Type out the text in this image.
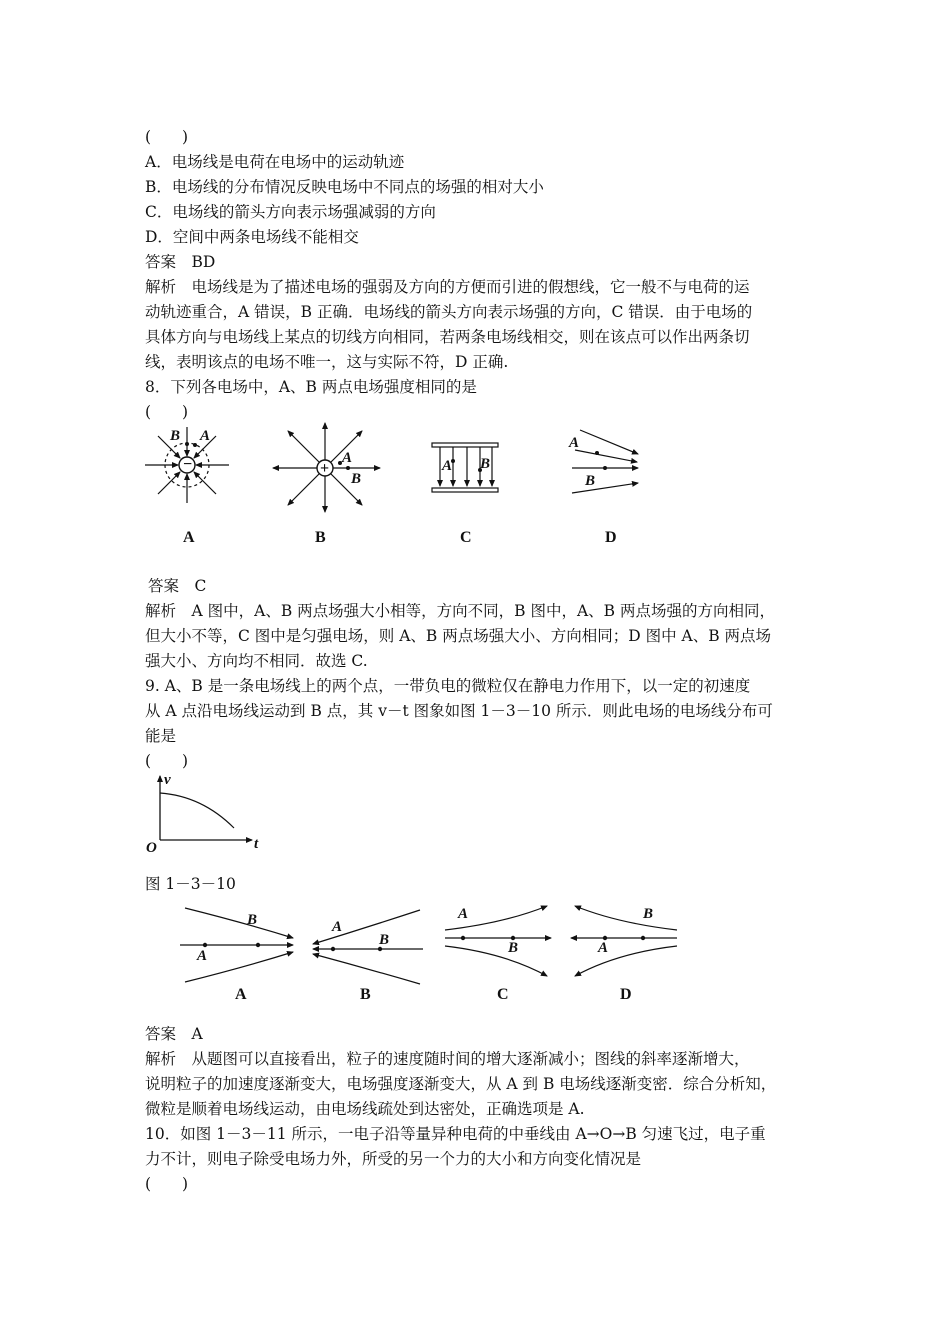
(　　)
A．电场线是电荷在电场中的运动轨迹
B．电场线的分布情况反映电场中不同点的场强的相对大小
C．电场线的箭头方向表示场强减弱的方向
D．空间中两条电场线不能相交
答案　BD
解析　电场线是为了描述电场的强弱及方向的方便而引进的假想线，它一般不与电荷的运
动轨迹重合，A 错误，B 正确．电场线的箭头方向表示场强的方向，C 错误．由于电场的
具体方向与电场线上某点的切线方向相同，若两条电场线相交，则在该点可以作出两条切
线，表明该点的电场不唯一，这与实际不符，D 正确.
8．下列各电场中，A、B 两点电场强度相同的是
(　　)
−
B A
A
+
A
B
B
A B
C
A
B
D
答案　C
解析　A 图中，A、B 两点场强大小相等，方向不同，B 图中，A、B 两点场强的方向相同，
但大小不等，C 图中是匀强电场，则 A、B 两点场强大小、方向相同；D 图中 A、B 两点场
强大小、方向均不相同．故选 C.
9. A、B 是一条电场线上的两个点，一带负电的微粒仅在静电力作用下，以一定的初速度
从 A 点沿电场线运动到 B 点，其 v－t 图象如图 1－3－10 所示．则此电场的电场线分布可
能是
(　　)
v
t
O
图 1－3－10
B
A
A
A
B
B
A
B
C
B
A
D
答案　A
解析　从题图可以直接看出，粒子的速度随时间的增大逐渐减小；图线的斜率逐渐增大，
说明粒子的加速度逐渐变大，电场强度逐渐变大，从 A 到 B 电场线逐渐变密．综合分析知，
微粒是顺着电场线运动，由电场线疏处到达密处，正确选项是 A.
10．如图 1－3－11 所示，一电子沿等量异种电荷的中垂线由 A→O→B 匀速飞过，电子重
力不计，则电子除受电场力外，所受的另一个力的大小和方向变化情况是
(　　)
